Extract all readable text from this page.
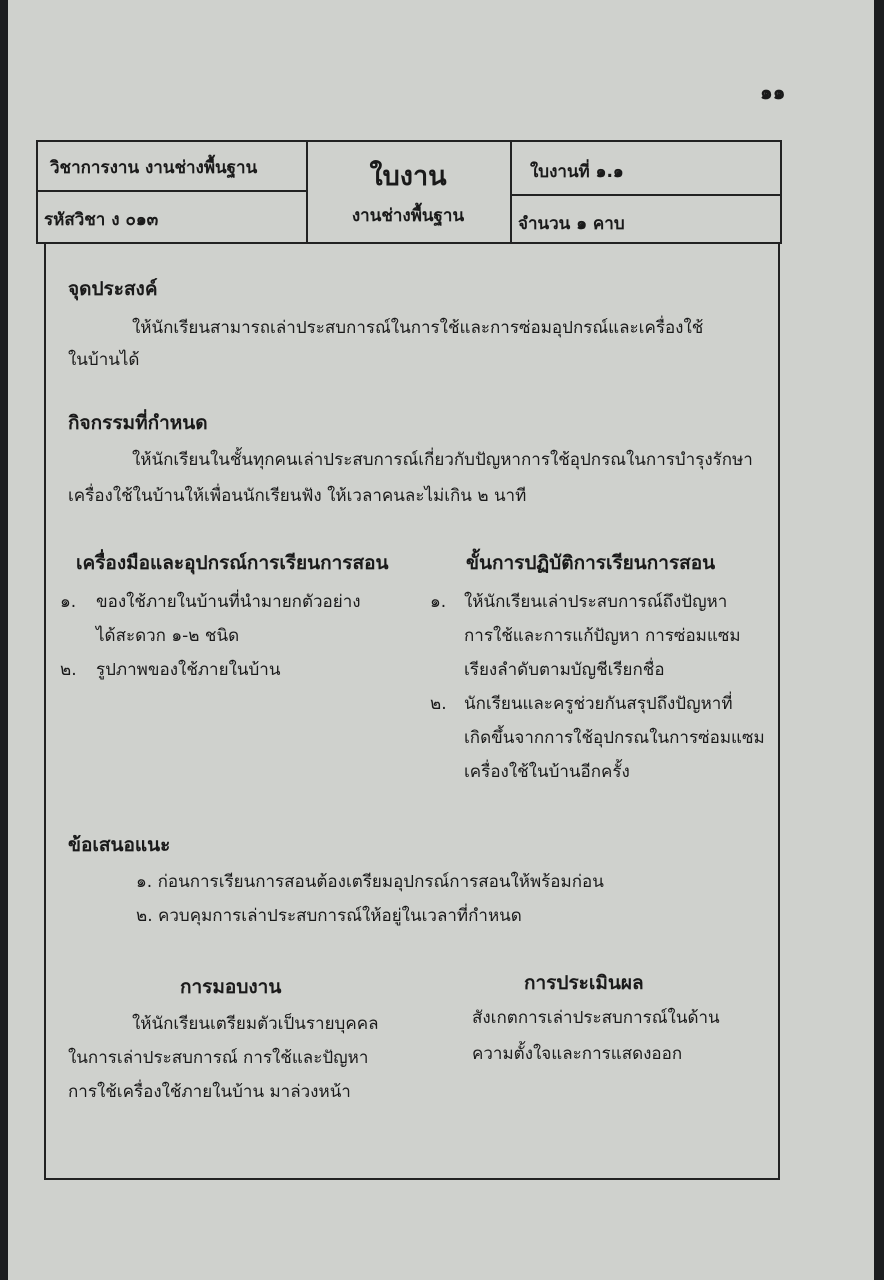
๑๑
วิชาการงาน งานช่างพื้นฐาน
รหัสวิชา ง ๐๑๓
ใบงาน
งานช่างพื้นฐาน
ใบงานที่ ๑.๑
จำนวน ๑ คาบ
จุดประสงค์
ให้นักเรียนสามารถเล่าประสบการณ์ในการใช้และการซ่อมอุปกรณ์และเครื่องใช้
ในบ้านได้
กิจกรรมที่กำหนด
ให้นักเรียนในชั้นทุกคนเล่าประสบการณ์เกี่ยวกับปัญหาการใช้อุปกรณในการบำรุงรักษา
เครื่องใช้ในบ้านให้เพื่อนนักเรียนฟัง ให้เวลาคนละไม่เกิน ๒ นาที
เครื่องมือและอุปกรณ์การเรียนการสอน
๑. ของใช้ภายในบ้านที่นำมายกตัวอย่าง
ได้สะดวก ๑-๒ ชนิด
๒. รูปภาพของใช้ภายในบ้าน
ขั้นการปฏิบัติการเรียนการสอน
๑. ให้นักเรียนเล่าประสบการณ์ถึงปัญหา
การใช้และการแก้ปัญหา การซ่อมแซม
เรียงลำดับตามบัญชีเรียกชื่อ
๒. นักเรียนและครูช่วยกันสรุปถึงปัญหาที่
เกิดขึ้นจากการใช้อุปกรณในการซ่อมแซม
เครื่องใช้ในบ้านอีกครั้ง
ข้อเสนอแนะ
๑. ก่อนการเรียนการสอนต้องเตรียมอุปกรณ์การสอนให้พร้อมก่อน
๒. ควบคุมการเล่าประสบการณ์ให้อยู่ในเวลาที่กำหนด
การมอบงาน
ให้นักเรียนเตรียมตัวเป็นรายบุคคล
ในการเล่าประสบการณ์ การใช้และปัญหา
การใช้เครื่องใช้ภายในบ้าน มาล่วงหน้า
การประเมินผล
สังเกตการเล่าประสบการณ์ในด้าน
ความตั้งใจและการแสดงออก
